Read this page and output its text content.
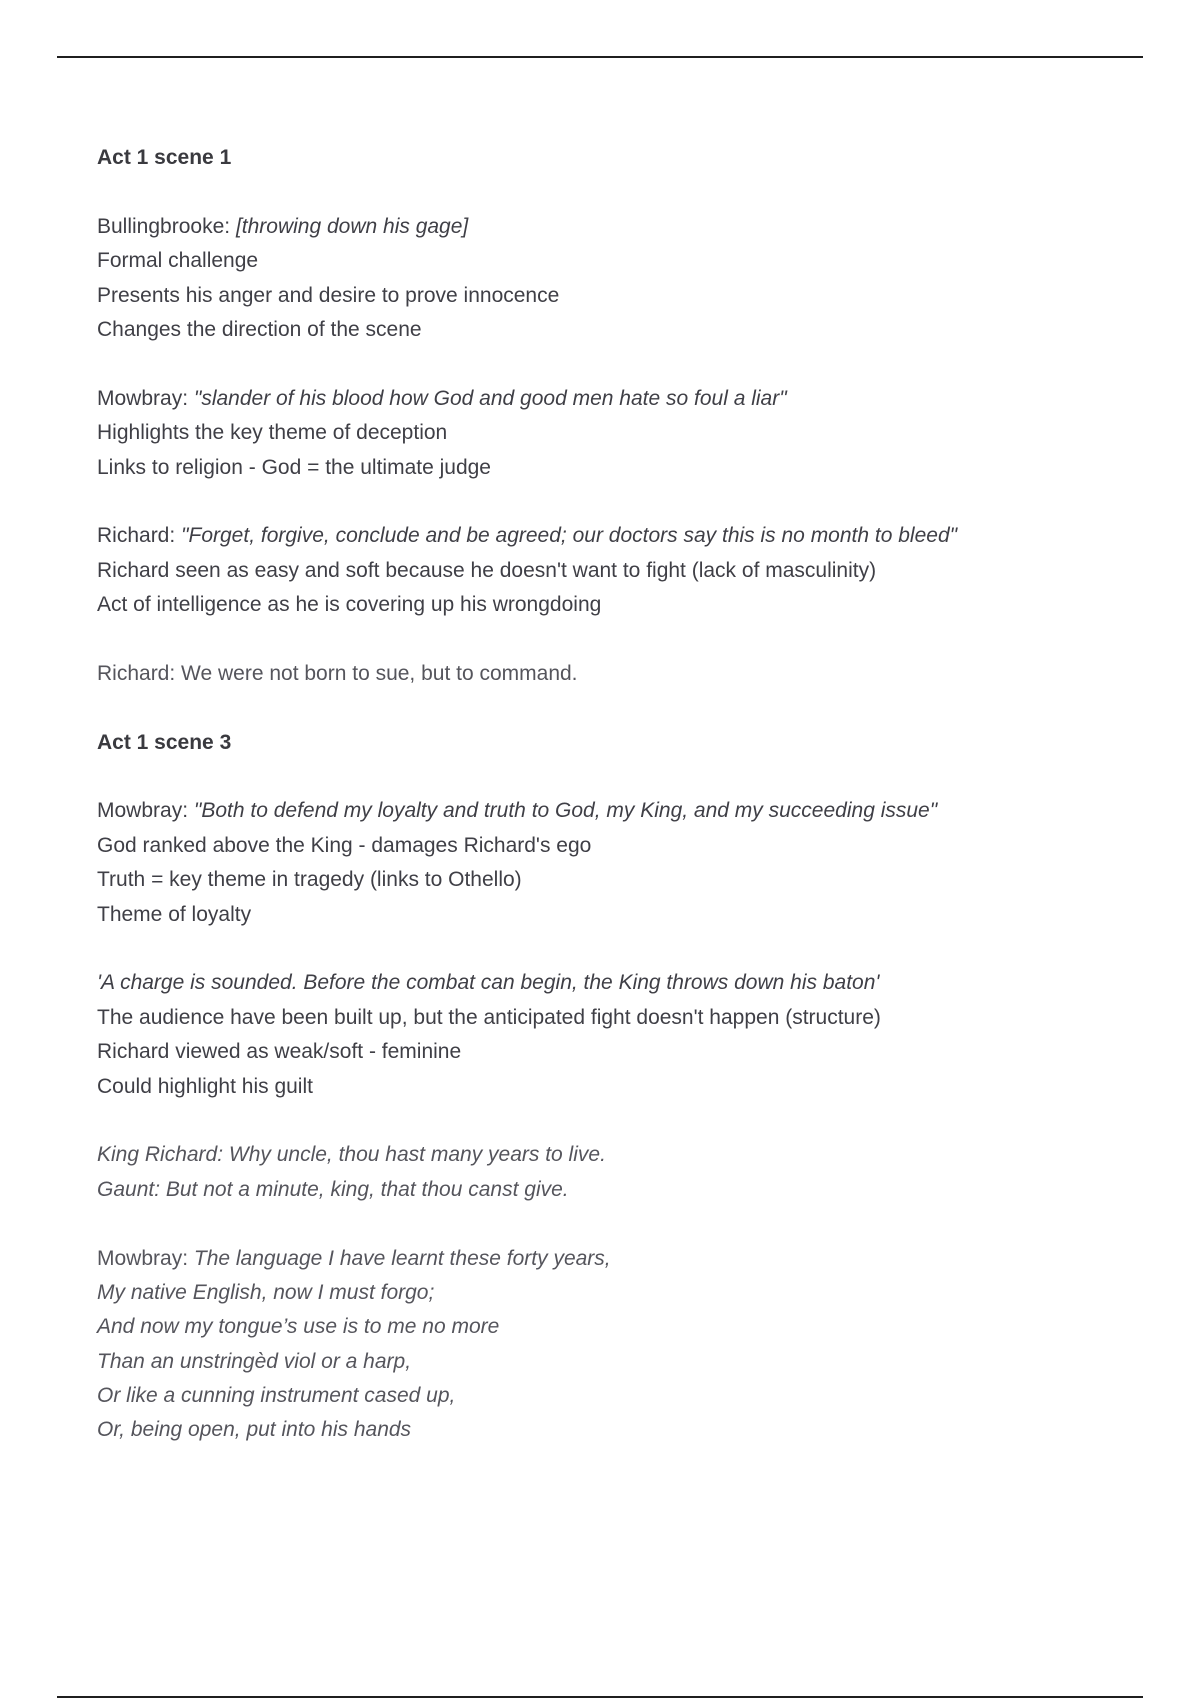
Act 1 scene 1
Bullingbrooke: [throwing down his gage]
Formal challenge
Presents his anger and desire to prove innocence
Changes the direction of the scene
Mowbray: "slander of his blood how God and good men hate so foul a liar"
Highlights the key theme of deception
Links to religion - God = the ultimate judge
Richard: "Forget, forgive, conclude and be agreed; our doctors say this is no month to bleed"
Richard seen as easy and soft because he doesn't want to fight (lack of masculinity)
Act of intelligence as he is covering up his wrongdoing
Richard: We were not born to sue, but to command.
Act 1 scene 3
Mowbray: "Both to defend my loyalty and truth to God, my King, and my succeeding issue"
God ranked above the King - damages Richard's ego
Truth = key theme in tragedy (links to Othello)
Theme of loyalty
'A charge is sounded. Before the combat can begin, the King throws down his baton'
The audience have been built up, but the anticipated fight doesn't happen (structure)
Richard viewed as weak/soft - feminine
Could highlight his guilt
King Richard: Why uncle, thou hast many years to live.
Gaunt: But not a minute, king, that thou canst give.
Mowbray: The language I have learnt these forty years,
My native English, now I must forgo;
And now my tongue’s use is to me no more
Than an unstringèd viol or a harp,
Or like a cunning instrument cased up,
Or, being open, put into his hands
